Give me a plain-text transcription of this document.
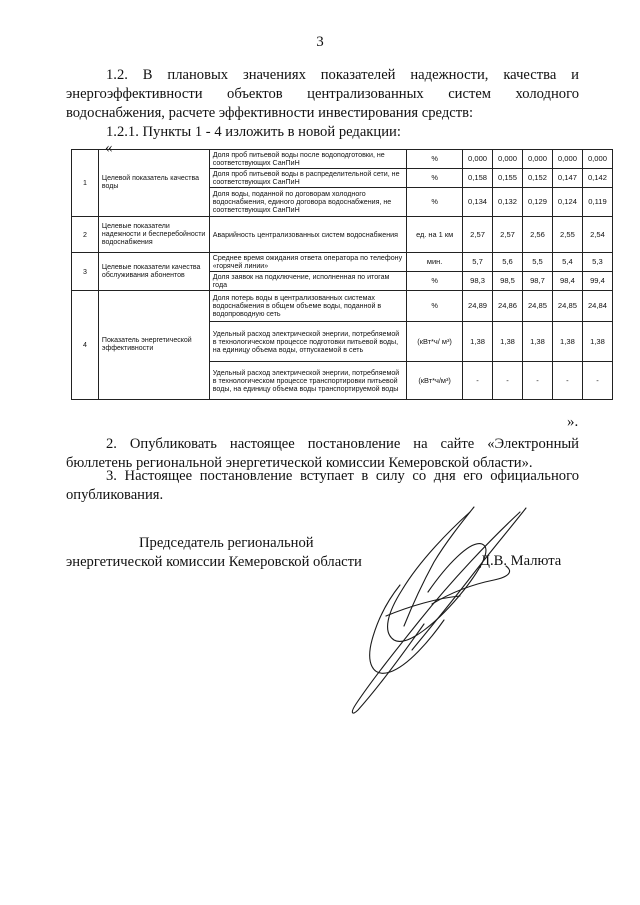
3
1.2. В плановых значениях показателей надежности, качества и энергоэффективности объектов централизованных систем холодного водоснабжения, расчете эффективности инвестирования средств:
1.2.1. Пункты 1 - 4 изложить в новой редакции:
«
1	Целевой показатель качества воды	Доля проб питьевой воды после водоподготовки, не соответствующих СанПиН	%	0,000	0,000	0,000	0,000	0,000
		Доля проб питьевой воды в распределительной сети, не соответствующих СанПиН	%	0,158	0,155	0,152	0,147	0,142
		Доля воды, поданной по договорам холодного водоснабжения, единого договора водоснабжения, не соответствующих СанПиН	%	0,134	0,132	0,129	0,124	0,119
2	Целевые показатели надежности и бесперебойности водоснабжения	Аварийность централизованных систем водоснабжения	ед. на 1 км	2,57	2,57	2,56	2,55	2,54
3	Целевые показатели качества обслуживания абонентов	Среднее время ожидания ответа оператора по телефону «горячей линии»	мин.	5,7	5,6	5,5	5,4	5,3
		Доля заявок на подключение, исполненная по итогам года	%	98,3	98,5	98,7	98,4	99,4
4	Показатель энергетической эффективности	Доля потерь воды в централизованных системах водоснабжения в общем объеме воды, поданной в водопроводную сеть	%	24,89	24,86	24,85	24,85	24,84
		Удельный расход электрической энергии, потребляемой в технологическом процессе подготовки питьевой воды, на единицу объема воды, отпускаемой в сеть	(кВт*ч/ м³)	1,38	1,38	1,38	1,38	1,38
		Удельный расход электрической энергии, потребляемой в технологическом процессе транспортировки питьевой воды, на единицу объема воды транспортируемой воды	(кВт*ч/м³)	-	-	-	-	-
».
2. Опубликовать настоящее постановление на сайте «Электронный бюллетень региональной энергетической комиссии Кемеровской области».
3. Настоящее постановление вступает в силу со дня его официального опубликования.
Председатель региональной
энергетической комиссии Кемеровской области	Д.В. Малюта
